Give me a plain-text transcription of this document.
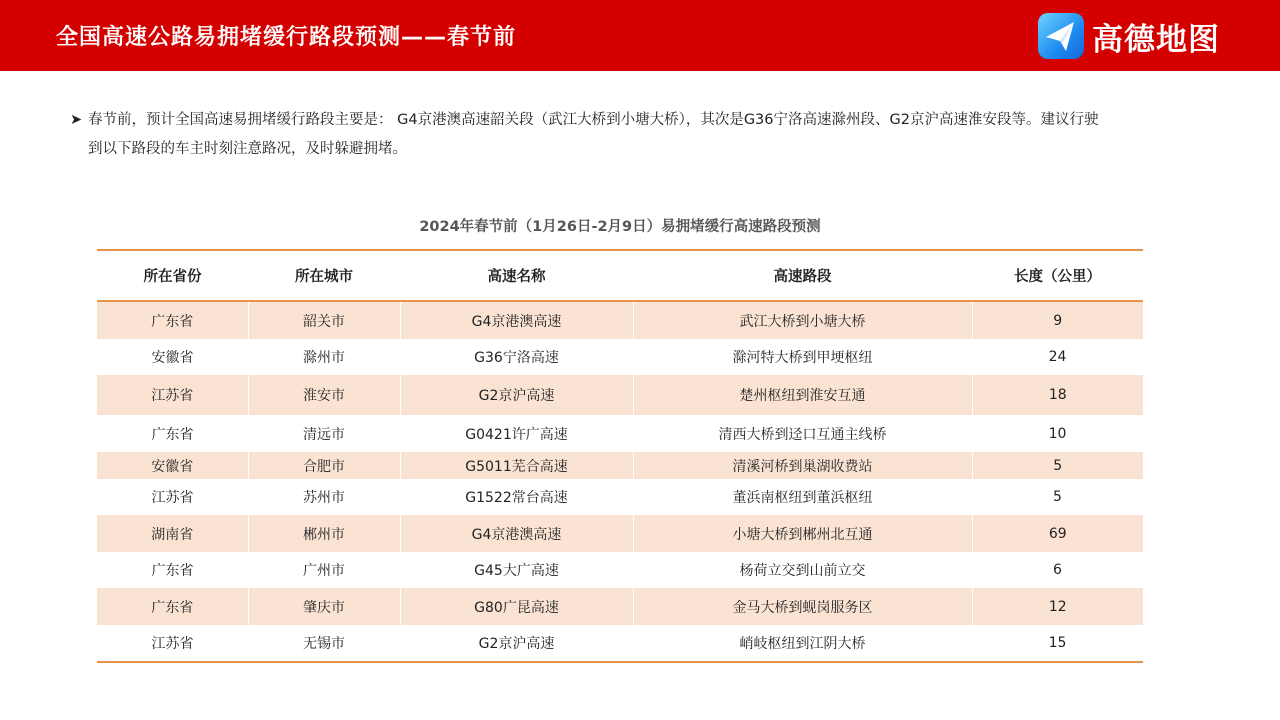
全国高速公路易拥堵缓行路段预测——春节前	高德地图
➤ 春节前，预计全国高速易拥堵缓行路段主要是： G4京港澳高速韶关段（武江大桥到小塘大桥），其次是G36宁洛高速滁州段、G2京沪高速淮安段等。建议行驶
到以下路段的车主时刻注意路况，及时躲避拥堵。
2024年春节前（1月26日-2月9日）易拥堵缓行高速路段预测
所在省份	所在城市	高速名称	高速路段	长度（公里）
广东省	韶关市	G4京港澳高速	武江大桥到小塘大桥	9
安徽省	滁州市	G36宁洛高速	滁河特大桥到甲埂枢纽	24
江苏省	淮安市	G2京沪高速	楚州枢纽到淮安互通	18
广东省	清远市	G0421许广高速	清西大桥到迳口互通主线桥	10
安徽省	合肥市	G5011芜合高速	清溪河桥到巢湖收费站	5
江苏省	苏州市	G1522常台高速	董浜南枢纽到董浜枢纽	5
湖南省	郴州市	G4京港澳高速	小塘大桥到郴州北互通	69
广东省	广州市	G45大广高速	杨荷立交到山前立交	6
广东省	肇庆市	G80广昆高速	金马大桥到蚬岗服务区	12
江苏省	无锡市	G2京沪高速	峭岐枢纽到江阴大桥	15
